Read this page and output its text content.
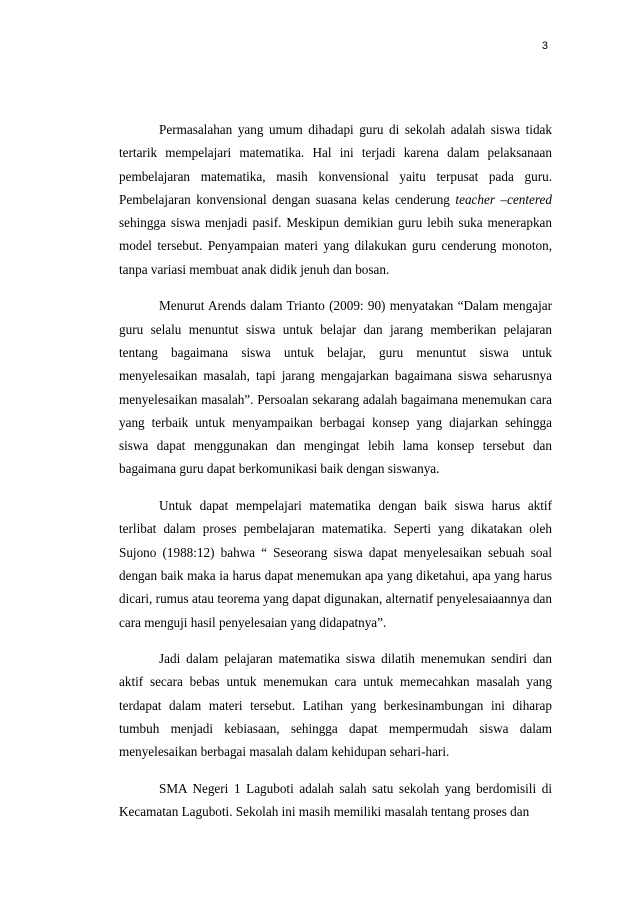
3

Permasalahan yang umum dihadapi guru di sekolah adalah siswa tidak tertarik mempelajari matematika. Hal ini terjadi karena dalam pelaksanaan pembelajaran matematika, masih konvensional yaitu terpusat pada guru. Pembelajaran konvensional dengan suasana kelas cenderung teacher –centered sehingga siswa menjadi pasif. Meskipun demikian guru lebih suka menerapkan model tersebut. Penyampaian materi yang dilakukan guru cenderung monoton, tanpa variasi membuat anak didik jenuh dan bosan.

Menurut Arends dalam Trianto (2009: 90) menyatakan “Dalam mengajar guru selalu menuntut siswa untuk belajar dan jarang memberikan pelajaran tentang bagaimana siswa untuk belajar, guru menuntut siswa untuk menyelesaikan masalah, tapi jarang mengajarkan bagaimana siswa seharusnya menyelesaikan masalah”. Persoalan sekarang adalah bagaimana menemukan cara yang terbaik untuk menyampaikan berbagai konsep yang diajarkan sehingga siswa dapat menggunakan dan mengingat lebih lama konsep tersebut dan bagaimana guru dapat berkomunikasi baik dengan siswanya.

Untuk dapat mempelajari matematika dengan baik siswa harus aktif terlibat dalam proses pembelajaran matematika. Seperti yang dikatakan oleh Sujono (1988:12) bahwa “ Seseorang siswa dapat menyelesaikan sebuah soal dengan baik maka ia harus dapat menemukan apa yang diketahui, apa yang harus dicari, rumus atau teorema yang dapat digunakan, alternatif penyelesaiaannya dan cara menguji hasil penyelesaian yang didapatnya”.

Jadi dalam pelajaran matematika siswa dilatih menemukan sendiri dan aktif secara bebas untuk menemukan cara untuk memecahkan masalah yang terdapat dalam materi tersebut. Latihan yang berkesinambungan ini diharap tumbuh menjadi kebiasaan, sehingga dapat mempermudah siswa dalam menyelesaikan berbagai masalah dalam kehidupan sehari-hari.

SMA Negeri 1 Laguboti adalah salah satu sekolah yang berdomisili di Kecamatan Laguboti. Sekolah ini masih memiliki masalah tentang proses dan
